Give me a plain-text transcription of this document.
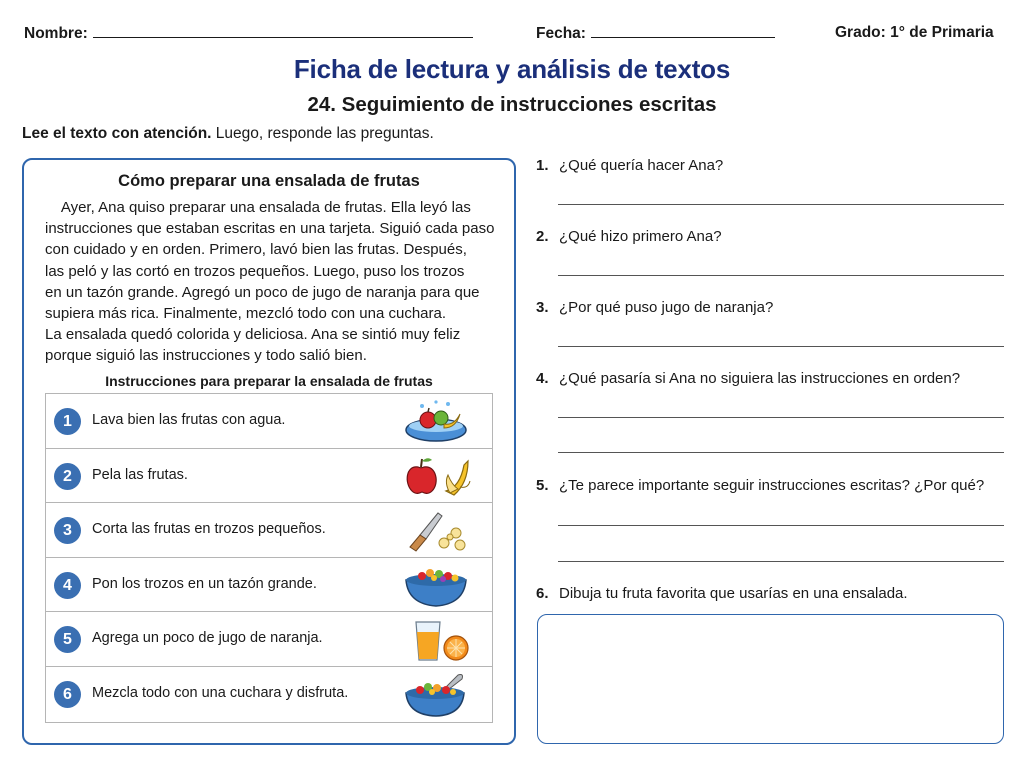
Nombre:	Fecha:	Grado: 1° de Primaria
Ficha de lectura y análisis de textos
24. Seguimiento de instrucciones escritas
Lee el texto con atención. Luego, responde las preguntas.
Cómo preparar una ensalada de frutas
Ayer, Ana quiso preparar una ensalada de frutas. Ella leyó las
instrucciones que estaban escritas en una tarjeta. Siguió cada paso
con cuidado y en orden. Primero, lavó bien las frutas. Después,
las peló y las cortó en trozos pequeños. Luego, puso los trozos
en un tazón grande. Agregó un poco de jugo de naranja para que
supiera más rica. Finalmente, mezcló todo con una cuchara.
La ensalada quedó colorida y deliciosa. Ana se sintió muy feliz
porque siguió las instrucciones y todo salió bien.
Instrucciones para preparar la ensalada de frutas
1	Lava bien las frutas con agua.
2	Pela las frutas.
3	Corta las frutas en trozos pequeños.
4	Pon los trozos en un tazón grande.
5	Agrega un poco de jugo de naranja.
6	Mezcla todo con una cuchara y disfruta.
1. ¿Qué quería hacer Ana?
2. ¿Qué hizo primero Ana?
3. ¿Por qué puso jugo de naranja?
4. ¿Qué pasaría si Ana no siguiera las instrucciones en orden?
5. ¿Te parece importante seguir instrucciones escritas? ¿Por qué?
6. Dibuja tu fruta favorita que usarías en una ensalada.
